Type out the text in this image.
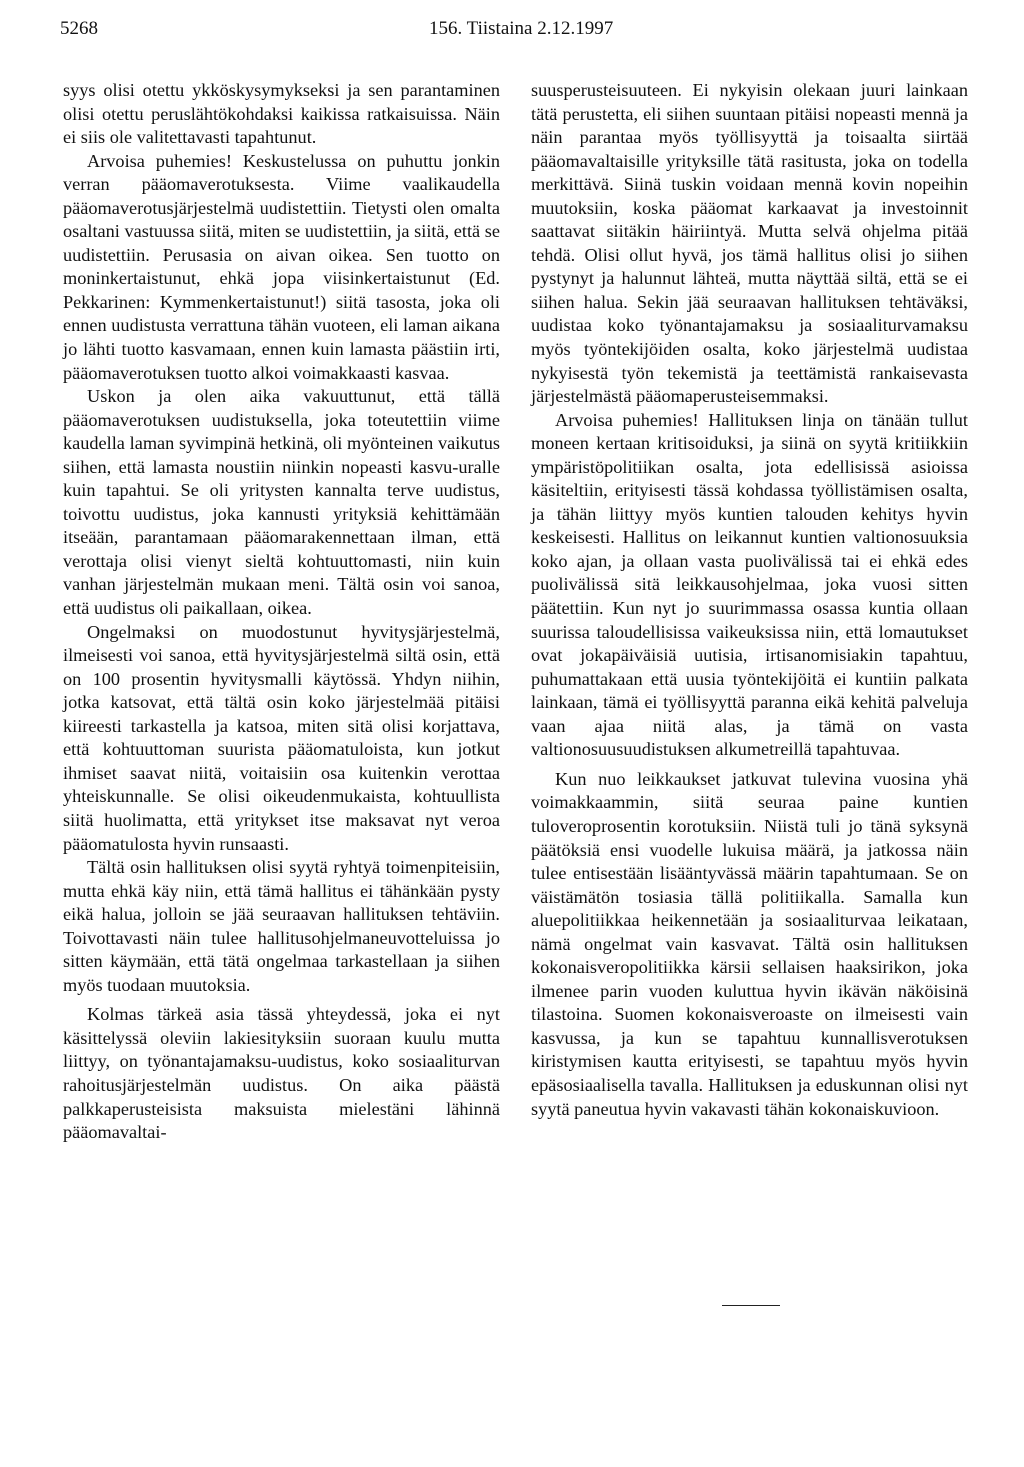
5268	156. Tiistaina 2.12.1997

syys olisi otettu ykköskysymykseksi ja sen parantaminen olisi otettu peruslähtökohdaksi kaikissa ratkaisuissa. Näin ei siis ole valitettavasti tapahtunut.

Arvoisa puhemies! Keskustelussa on puhuttu jonkin verran pääomaverotuksesta. Viime vaalikaudella pääomaverotusjärjestelmä uudistettiin. Tietysti olen omalta osaltani vastuussa siitä, miten se uudistettiin, ja siitä, että se uudistettiin. Perusasia on aivan oikea. Sen tuotto on moninkertaistunut, ehkä jopa viisinkertaistunut (Ed. Pekkarinen: Kymmenkertaistunut!) siitä tasosta, joka oli ennen uudistusta verrattuna tähän vuoteen, eli laman aikana jo lähti tuotto kasvamaan, ennen kuin lamasta päästiin irti, pääomaverotuksen tuotto alkoi voimakkaasti kasvaa.

Uskon ja olen aika vakuuttunut, että tällä pääomaverotuksen uudistuksella, joka toteutettiin viime kaudella laman syvimpinä hetkinä, oli myönteinen vaikutus siihen, että lamasta noustiin niinkin nopeasti kasvu-uralle kuin tapahtui. Se oli yritysten kannalta terve uudistus, toivottu uudistus, joka kannusti yrityksiä kehittämään itseään, parantamaan pääomarakennettaan ilman, että verottaja olisi vienyt sieltä kohtuuttomasti, niin kuin vanhan järjestelmän mukaan meni. Tältä osin voi sanoa, että uudistus oli paikallaan, oikea.

Ongelmaksi on muodostunut hyvitysjärjestelmä, ilmeisesti voi sanoa, että hyvitysjärjestelmä siltä osin, että on 100 prosentin hyvitysmalli käytössä. Yhdyn niihin, jotka katsovat, että tältä osin koko järjestelmää pitäisi kiireesti tarkastella ja katsoa, miten sitä olisi korjattava, että kohtuuttoman suurista pääomatuloista, kun jotkut ihmiset saavat niitä, voitaisiin osa kuitenkin verottaa yhteiskunnalle. Se olisi oikeudenmukaista, kohtuullista siitä huolimatta, että yritykset itse maksavat nyt veroa pääomatulosta hyvin runsaasti.

Tältä osin hallituksen olisi syytä ryhtyä toimenpiteisiin, mutta ehkä käy niin, että tämä hallitus ei tähänkään pysty eikä halua, jolloin se jää seuraavan hallituksen tehtäviin. Toivottavasti näin tulee hallitusohjelmaneuvotteluissa jo sitten käymään, että tätä ongelmaa tarkastellaan ja siihen myös tuodaan muutoksia.

Kolmas tärkeä asia tässä yhteydessä, joka ei nyt käsittelyssä oleviin lakiesityksiin suoraan kuulu mutta liittyy, on työnantajamaksu-uudistus, koko sosiaaliturvan rahoitusjärjestelmän uudistus. On aika päästä palkkaperusteisista maksuista mielestäni lähinnä pääomavaltai-

suusperusteisuuteen. Ei nykyisin olekaan juuri lainkaan tätä perustetta, eli siihen suuntaan pitäisi nopeasti mennä ja näin parantaa myös työllisyyttä ja toisaalta siirtää pääomavaltaisille yrityksille tätä rasitusta, joka on todella merkittävä. Siinä tuskin voidaan mennä kovin nopeihin muutoksiin, koska pääomat karkaavat ja investoinnit saattavat siitäkin häiriintyä. Mutta selvä ohjelma pitää tehdä. Olisi ollut hyvä, jos tämä hallitus olisi jo siihen pystynyt ja halunnut lähteä, mutta näyttää siltä, että se ei siihen halua. Sekin jää seuraavan hallituksen tehtäväksi, uudistaa koko työnantajamaksu ja sosiaaliturvamaksu myös työntekijöiden osalta, koko järjestelmä uudistaa nykyisestä työn tekemistä ja teettämistä rankaisevasta järjestelmästä pääomaperusteisemmaksi.

Arvoisa puhemies! Hallituksen linja on tänään tullut moneen kertaan kritisoiduksi, ja siinä on syytä kritiikkiin ympäristöpolitiikan osalta, jota edellisissä asioissa käsiteltiin, erityisesti tässä kohdassa työllistämisen osalta, ja tähän liittyy myös kuntien talouden kehitys hyvin keskeisesti. Hallitus on leikannut kuntien valtionosuuksia koko ajan, ja ollaan vasta puolivälissä tai ei ehkä edes puolivälissä sitä leikkausohjelmaa, joka vuosi sitten päätettiin. Kun nyt jo suurimmassa osassa kuntia ollaan suurissa taloudellisissa vaikeuksissa niin, että lomautukset ovat jokapäiväisiä uutisia, irtisanomisiakin tapahtuu, puhumattakaan että uusia työntekijöitä ei kuntiin palkata lainkaan, tämä ei työllisyyttä paranna eikä kehitä palveluja vaan ajaa niitä alas, ja tämä on vasta valtionosuusuudistuksen alkumetreillä tapahtuvaa.

Kun nuo leikkaukset jatkuvat tulevina vuosina yhä voimakkaammin, siitä seuraa paine kuntien tuloveroprosentin korotuksiin. Niistä tuli jo tänä syksynä päätöksiä ensi vuodelle lukuisa määrä, ja jatkossa näin tulee entisestään lisääntyvässä määrin tapahtumaan. Se on väistämätön tosiasia tällä politiikalla. Samalla kun aluepolitiikkaa heikennetään ja sosiaaliturvaa leikataan, nämä ongelmat vain kasvavat. Tältä osin hallituksen kokonaisveropolitiikka kärsii sellaisen haaksirikon, joka ilmenee parin vuoden kuluttua hyvin ikävän näköisinä tilastoina. Suomen kokonaisveroaste on ilmeisesti vain kasvussa, ja kun se tapahtuu kunnallisverotuksen kiristymisen kautta erityisesti, se tapahtuu myös hyvin epäsosiaalisella tavalla. Hallituksen ja eduskunnan olisi nyt syytä paneutua hyvin vakavasti tähän kokonaiskuvioon.
